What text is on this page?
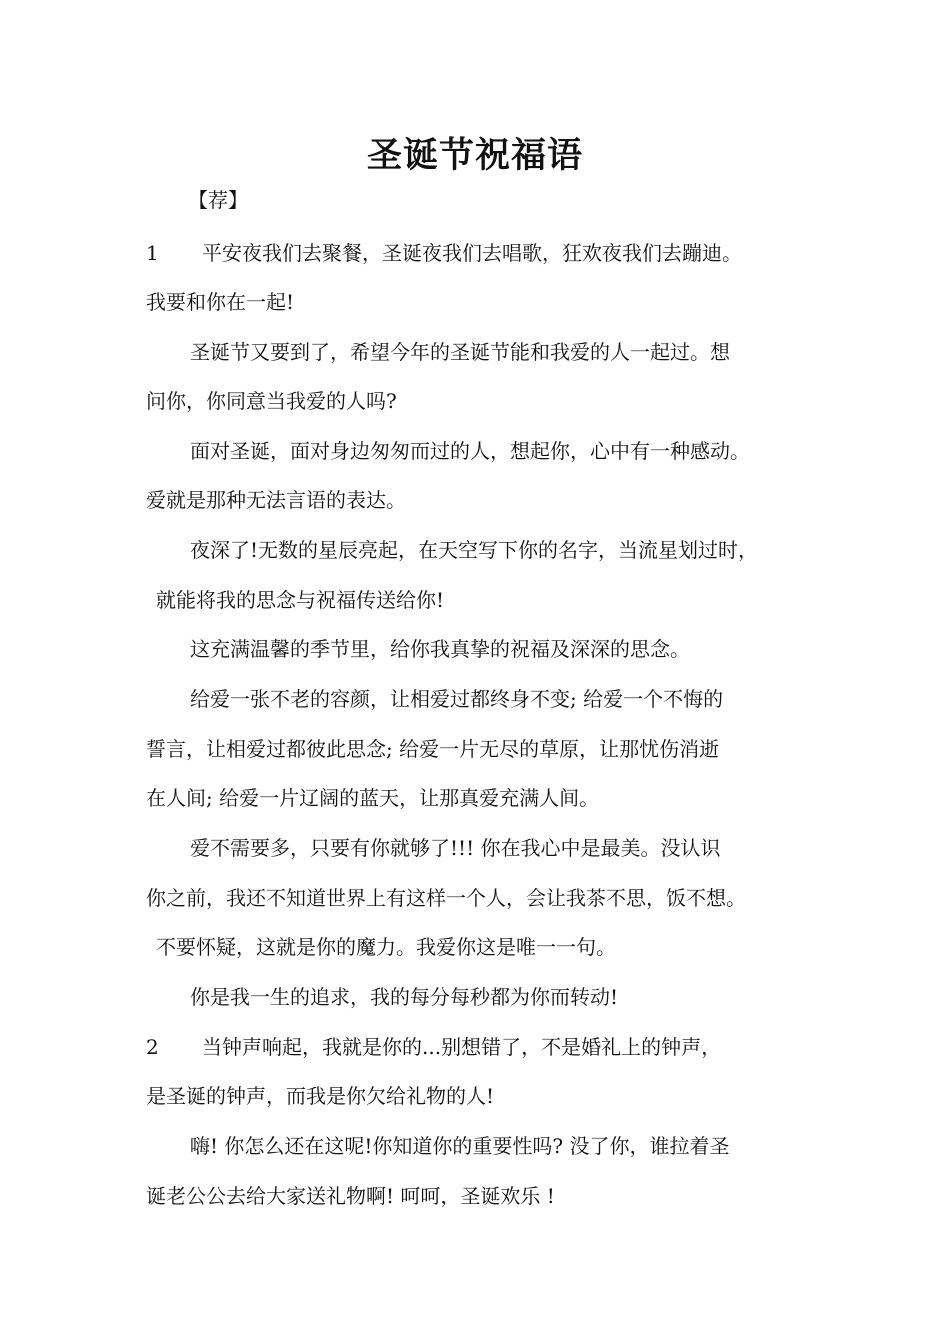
圣诞节祝福语

【荐】

1 平安夜我们去聚餐，圣诞夜我们去唱歌，狂欢夜我们去蹦迪。

我要和你在一起!

圣诞节又要到了，希望今年的圣诞节能和我爱的人一起过。想

问你，你同意当我爱的人吗?

面对圣诞，面对身边匆匆而过的人，想起你，心中有一种感动。

爱就是那种无法言语的表达。

夜深了!无数的星辰亮起，在天空写下你的名字，当流星划过时，

就能将我的思念与祝福传送给你!

这充满温馨的季节里，给你我真挚的祝福及深深的思念。

给爱一张不老的容颜，让相爱过都终身不变; 给爱一个不悔的

誓言，让相爱过都彼此思念; 给爱一片无尽的草原，让那忧伤消逝

在人间; 给爱一片辽阔的蓝天，让那真爱充满人间。

爱不需要多，只要有你就够了!!! 你在我心中是最美。没认识

你之前，我还不知道世界上有这样一个人，会让我茶不思，饭不想。

不要怀疑，这就是你的魔力。我爱你这是唯一一句。

你是我一生的追求，我的每分每秒都为你而转动!

2 当钟声响起，我就是你的...别想错了，不是婚礼上的钟声，

是圣诞的钟声，而我是你欠给礼物的人!

嗨! 你怎么还在这呢!你知道你的重要性吗? 没了你，谁拉着圣

诞老公公去给大家送礼物啊! 呵呵，圣诞欢乐 !
